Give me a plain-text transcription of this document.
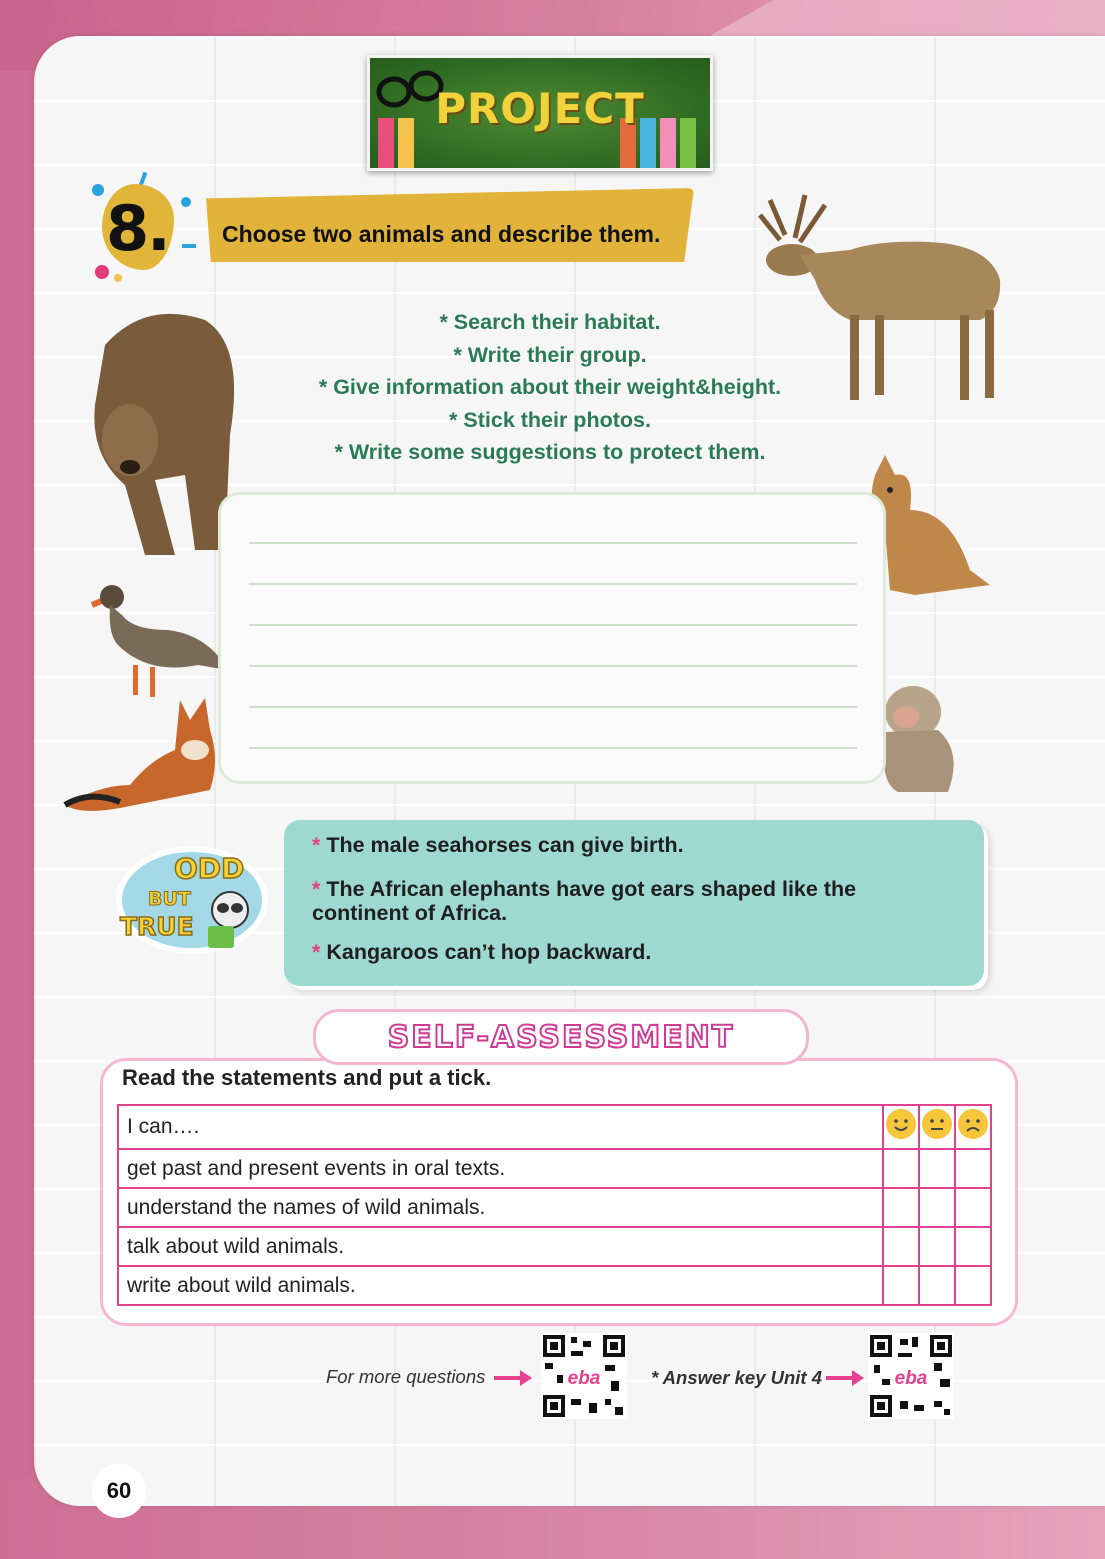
PROJECT
8. Choose two animals and describe them.
* Search their habitat.
* Write their group.
* Give information about their weight&height.
* Stick their photos.
* Write some suggestions to protect them.
ODD
BUT
TRUE
* The male seahorses can give birth.
* The African elephants have got ears shaped like the continent of Africa.
* Kangaroos can’t hop backward.
SELF-ASSESSMENT
Read the statements and put a tick.
I can….			
get past and present events in oral texts.			
understand the names of wild animals.			
talk about wild animals.			
write about wild animals.			
For more questions	eba	* Answer key Unit 4	eba
60
